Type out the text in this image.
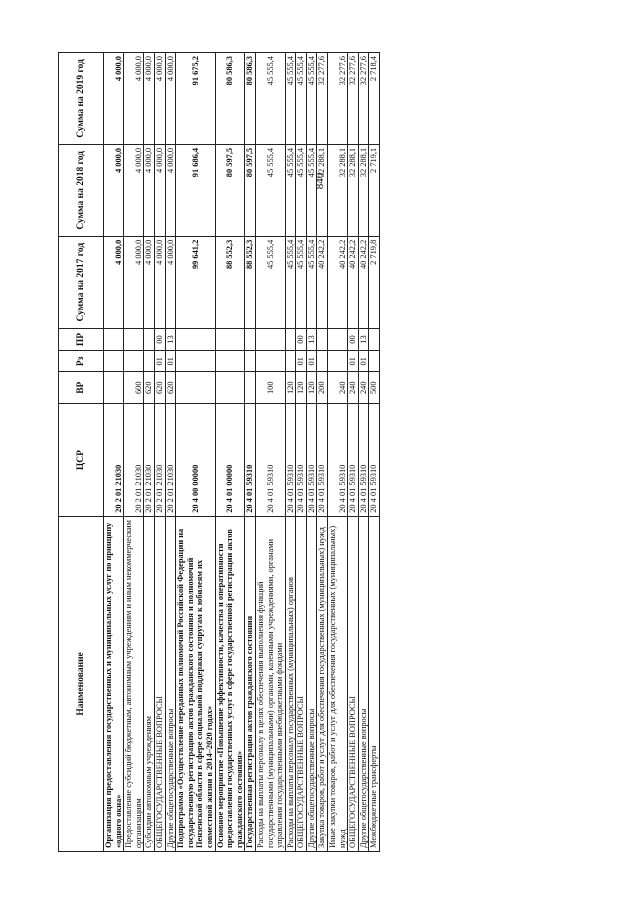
840
Наименование	ЦСР	ВР	Рз	ПР	Сумма на 2017 год	Сумма на 2018 год	Сумма на 2019 год
Организация предоставления государственных и муниципальных услуг по принципу «одного окна»	20 2 01 21030				4 000,0	4 000,0	4 000,0
Предоставление субсидий бюджетным, автономным учреждениям и иным некоммерческим организациям	20 2 01 21030	600			4 000,0	4 000,0	4 000,0
Субсидии автономным учреждениям	20 2 01 21030	620			4 000,0	4 000,0	4 000,0
ОБЩЕГОСУДАРСТВЕННЫЕ ВОПРОСЫ	20 2 01 21030	620	01	00	4 000,0	4 000,0	4 000,0
Другие общегосударственные вопросы	20 2 01 21030	620	01	13	4 000,0	4 000,0	4 000,0
Подпрограмма «Осуществление переданных полномочий Российской Федерации на государственную регистрацию актов гражданского состояния и полномочий Пензенской области в сфере социальной поддержки супругам к юбилеям их совместной жизни в 2014–2020 годах»	20 4 00 00000				99 641,2	91 686,4	91 675,2
Основное мероприятие «Повышение эффективности, качества и оперативности предоставления государственных услуг в сфере государственной регистрации актов гражданского состояния»	20 4 01 00000				88 552,3	80 597,5	80 586,3
Государственная регистрация актов гражданского состояния	20 4 01 59310				88 552,3	80 597,5	80 586,3
Расходы на выплаты персоналу в целях обеспечения выполнения функций государственными (муниципальными) органами, казенными учреждениями, органами управления государственными внебюджетными фондами	20 4 01 59310	100			45 555,4	45 555,4	45 555,4
Расходы на выплаты персоналу государственных (муниципальных) органов	20 4 01 59310	120			45 555,4	45 555,4	45 555,4
ОБЩЕГОСУДАРСТВЕННЫЕ ВОПРОСЫ	20 4 01 59310	120	01	00	45 555,4	45 555,4	45 555,4
Другие общегосударственные вопросы	20 4 01 59310	120	01	13	45 555,4	45 555,4	45 555,4
Закупка товаров, работ и услуг для обеспечения государственных (муниципальных) нужд	20 4 01 59310	200			40 242,2	32 288,1	32 277,6
Иные закупки товаров, работ и услуг для обеспечения государственных (муниципальных) нужд	20 4 01 59310	240			40 242,2	32 288,1	32 277,6
ОБЩЕГОСУДАРСТВЕННЫЕ ВОПРОСЫ	20 4 01 59310	240	01	00	40 242,2	32 288,1	32 277,6
Другие общегосударственные вопросы	20 4 01 59310	240	01	13	40 242,2	32 288,1	32 277,6
Межбюджетные трансферты	20 4 01 59310	500			2 719,8	2 719,1	2 718,4
